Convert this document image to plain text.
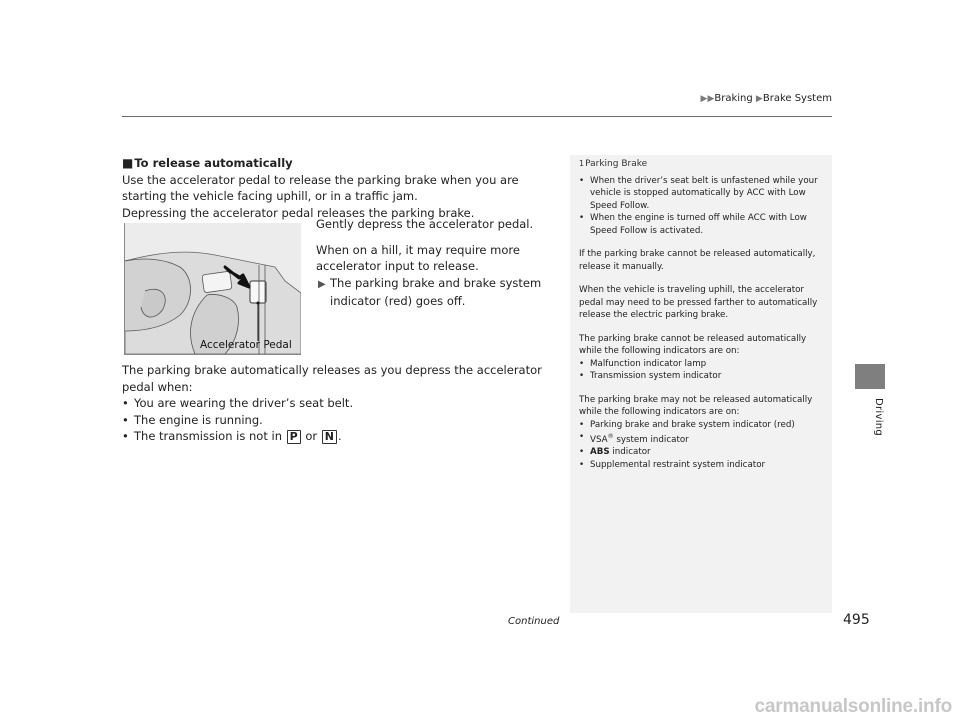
▶▶Braking ▶Brake System
Driving

■To release automatically

Use the accelerator pedal to release the parking brake when you are starting the vehicle facing uphill, or in a traffic jam.

Depressing the accelerator pedal releases the parking brake.

Accelerator Pedal
Gently depress the accelerator pedal.
When on a hill, it may require more accelerator input to release.
▶ The parking brake and brake system indicator (red) goes off.

The parking brake automatically releases as you depress the accelerator pedal when:

• You are wearing the driver’s seat belt.
• The engine is running.
• The transmission is not in P or N .
1Parking Brake
• When the driver’s seat belt is unfastened while your vehicle is stopped automatically by ACC with Low Speed Follow.
• When the engine is turned off while ACC with Low Speed Follow is activated.

If the parking brake cannot be released automatically, release it manually.

When the vehicle is traveling uphill, the accelerator pedal may need to be pressed farther to automatically release the electric parking brake.

The parking brake cannot be released automatically while the following indicators are on:

• Malfunction indicator lamp
• Transmission system indicator

The parking brake may not be released automatically while the following indicators are on:

• Parking brake and brake system indicator (red)
• VSA® system indicator
• ABS indicator
• Supplemental restraint system indicator
Continued	495
carmanualsonline.info
